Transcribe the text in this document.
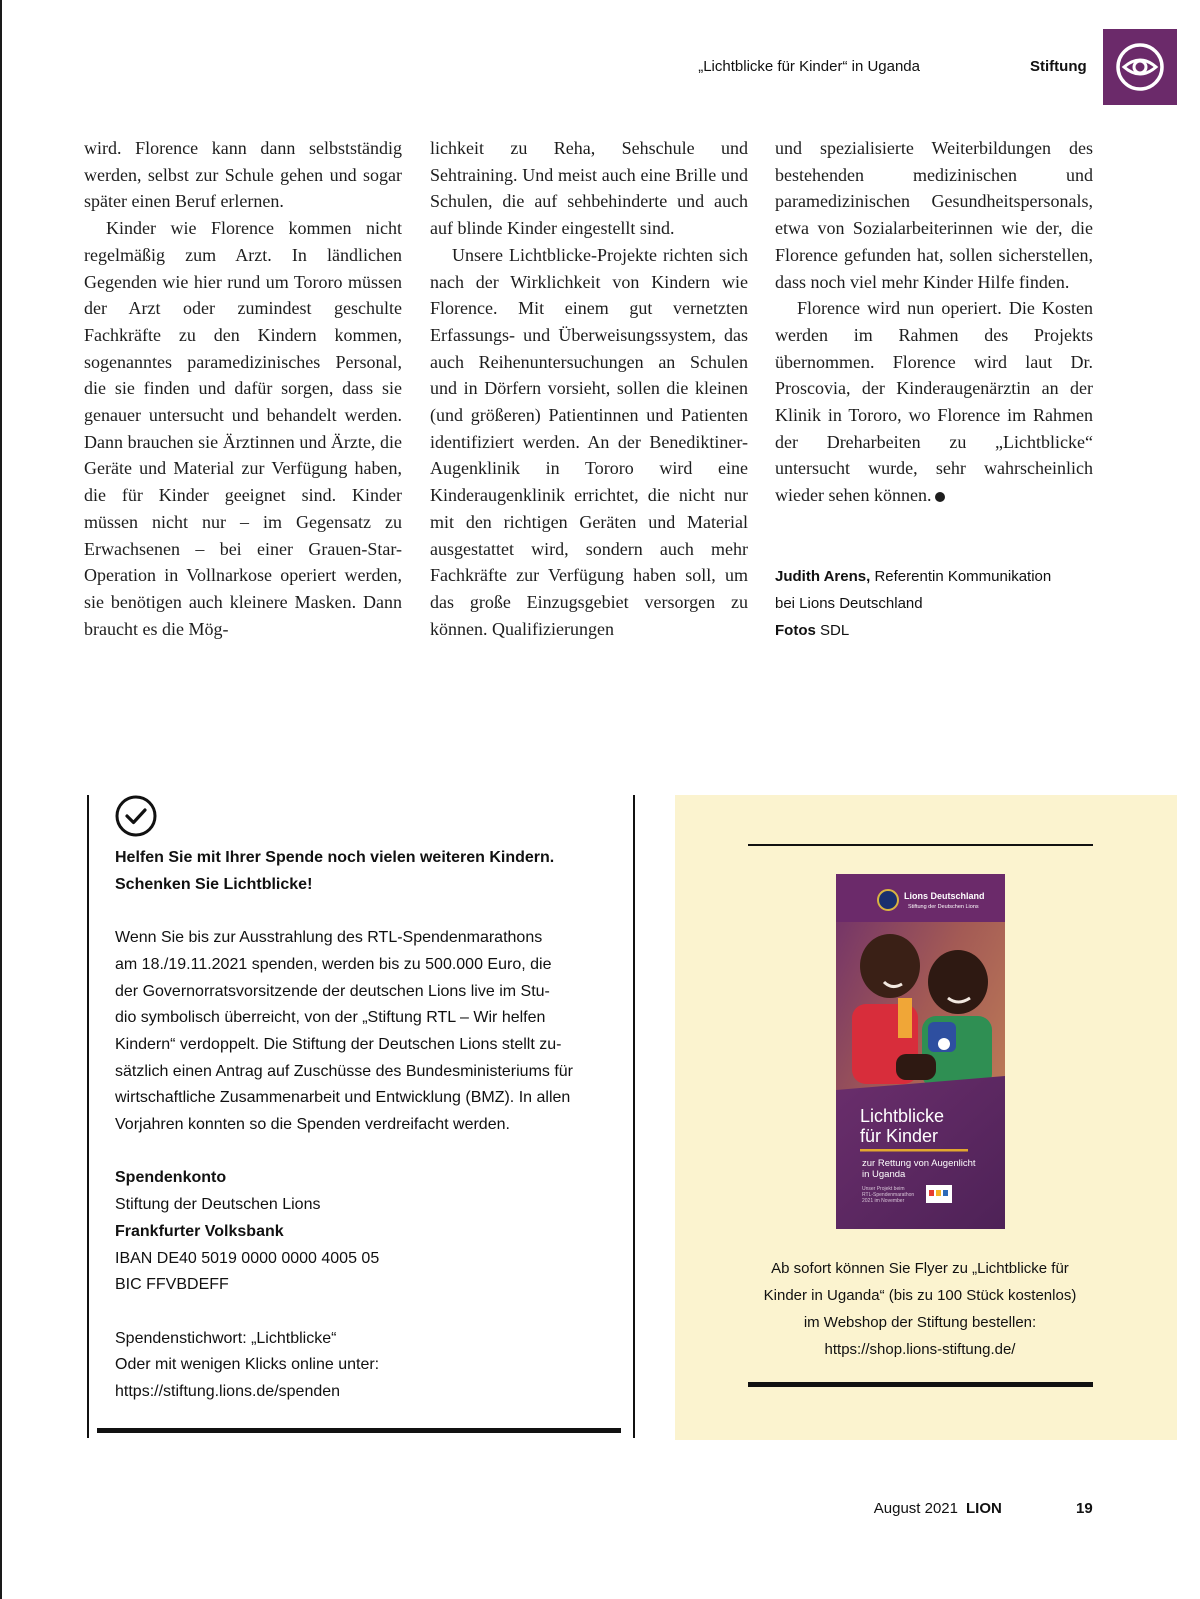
„Lichtblicke für Kinder“ in Uganda	Stiftung

wird. Florence kann dann selbstständig werden, selbst zur Schule gehen und sogar später einen Beruf erlernen.

Kinder wie Florence kommen nicht regelmäßig zum Arzt. In ländlichen Gegenden wie hier rund um Tororo müssen der Arzt oder zumindest geschulte Fachkräfte zu den Kindern kommen, sogenanntes paramedizinisches Personal, die sie finden und dafür sorgen, dass sie genauer untersucht und behandelt werden. Dann brauchen sie Ärztinnen und Ärzte, die Geräte und Material zur Verfügung haben, die für Kinder geeignet sind. Kinder müssen nicht nur – im Gegensatz zu Erwachsenen – bei einer Grauen-Star-Operation in Vollnarkose operiert werden, sie benötigen auch kleinere Masken. Dann braucht es die Mög-

lichkeit zu Reha, Sehschule und Sehtraining. Und meist auch eine Brille und Schulen, die auf sehbehinderte und auch auf blinde Kinder eingestellt sind.

Unsere Lichtblicke-Projekte richten sich nach der Wirklichkeit von Kindern wie Florence. Mit einem gut vernetzten Erfassungs- und Überweisungssystem, das auch Reihenuntersuchungen an Schulen und in Dörfern vorsieht, sollen die kleinen (und größeren) Patientinnen und Patienten identifiziert werden. An der Benediktiner-Augenklinik in Tororo wird eine Kinderaugenklinik errichtet, die nicht nur mit den richtigen Geräten und Material ausgestattet wird, sondern auch mehr Fachkräfte zur Verfügung haben soll, um das große Einzugsgebiet versorgen zu können. Qualifizierungen

und spezialisierte Weiterbildungen des bestehenden medizinischen und paramedizinischen Gesundheitspersonals, etwa von Sozialarbeiterinnen wie der, die Florence gefunden hat, sollen sicherstellen, dass noch viel mehr Kinder Hilfe finden.

Florence wird nun operiert. Die Kosten werden im Rahmen des Projekts übernommen. Florence wird laut Dr. Proscovia, der Kinderaugenärztin an der Klinik in Tororo, wo Florence im Rahmen der Dreharbeiten zu „Lichtblicke“ untersucht wurde, sehr wahrscheinlich wieder sehen können.

Judith Arens, Referentin Kommunikation
bei Lions Deutschland
Fotos SDL

Helfen Sie mit Ihrer Spende noch vielen weiteren Kindern.

Schenken Sie Lichtblicke!

Wenn Sie bis zur Ausstrahlung des RTL-Spendenmarathons

am 18./19.11.2021 spenden, werden bis zu 500.000 Euro, die

der Governorratsvorsitzende der deutschen Lions live im Stu-

dio symbolisch überreicht, von der „Stiftung RTL – Wir helfen

Kindern“ verdoppelt. Die Stiftung der Deutschen Lions stellt zu-

sätzlich einen Antrag auf Zuschüsse des Bundesministeriums für

wirtschaftliche Zusammenarbeit und Entwicklung (BMZ). In allen

Vorjahren konnten so die Spenden verdreifacht werden.

Spendenkonto

Stiftung der Deutschen Lions

Frankfurter Volksbank

IBAN DE40 5019 0000 0000 4005 05

BIC FFVBDEFF

Spendenstichwort: „Lichtblicke“

Oder mit wenigen Klicks online unter:

https://stiftung.lions.de/spenden

Lions Deutschland
Stiftung der Deutschen Lions
Lichtblicke
für Kinder
zur Rettung von Augenlicht
in Uganda
Unser Projekt beim
RTL-Spendenmarathon
2021 im November
Ab sofort können Sie Flyer zu „Lichtblicke für
Kinder in Uganda“ (bis zu 100 Stück kostenlos)
im Webshop der Stiftung bestellen:
https://shop.lions-stiftung.de/
August 2021 LION	19
